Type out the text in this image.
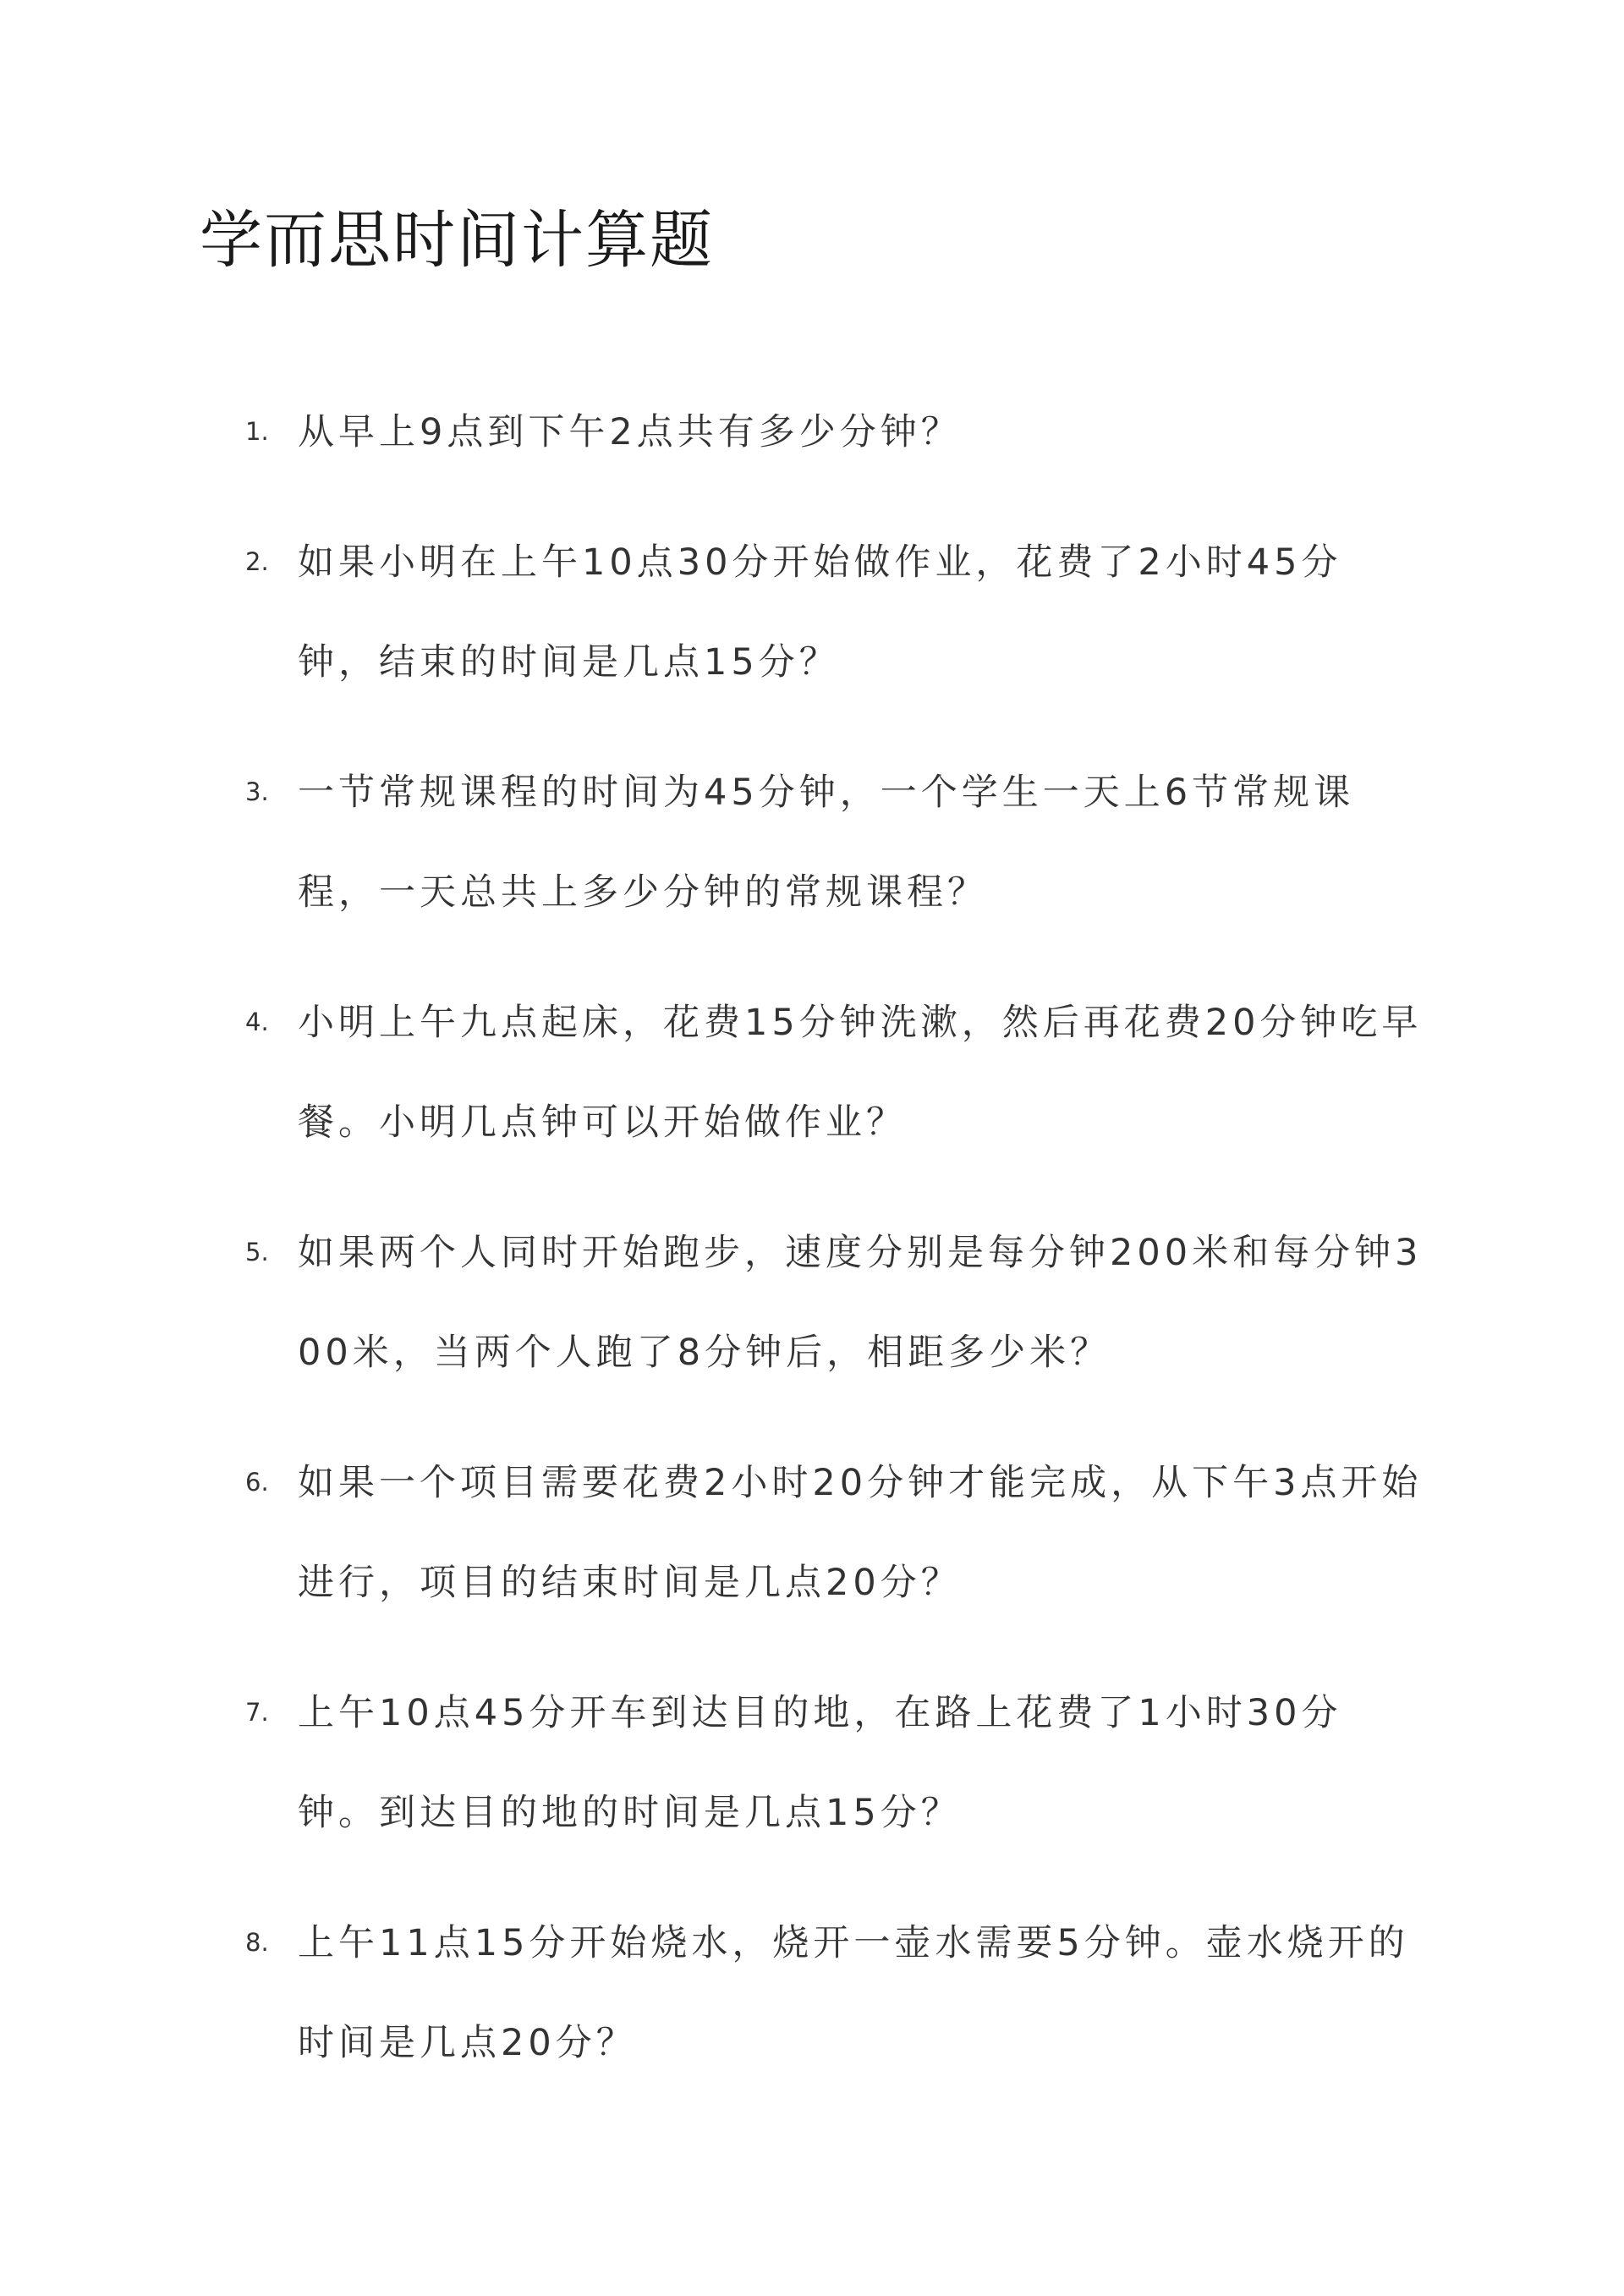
学而思时间计算题
1. 从早上9点到下午2点共有多少分钟？
2. 如果小明在上午10点30分开始做作业，花费了2小时45分钟，结束的时间是几点15分？
3. 一节常规课程的时间为45分钟，一个学生一天上6节常规课程，一天总共上多少分钟的常规课程？
4. 小明上午九点起床，花费15分钟洗漱，然后再花费20分钟吃早餐。小明几点钟可以开始做作业？
5. 如果两个人同时开始跑步，速度分别是每分钟200米和每分钟300米，当两个人跑了8分钟后，相距多少米？
6. 如果一个项目需要花费2小时20分钟才能完成，从下午3点开始进行，项目的结束时间是几点20分？
7. 上午10点45分开车到达目的地，在路上花费了1小时30分钟。到达目的地的时间是几点15分？
8. 上午11点15分开始烧水，烧开一壶水需要5分钟。壶水烧开的时间是几点20分？
